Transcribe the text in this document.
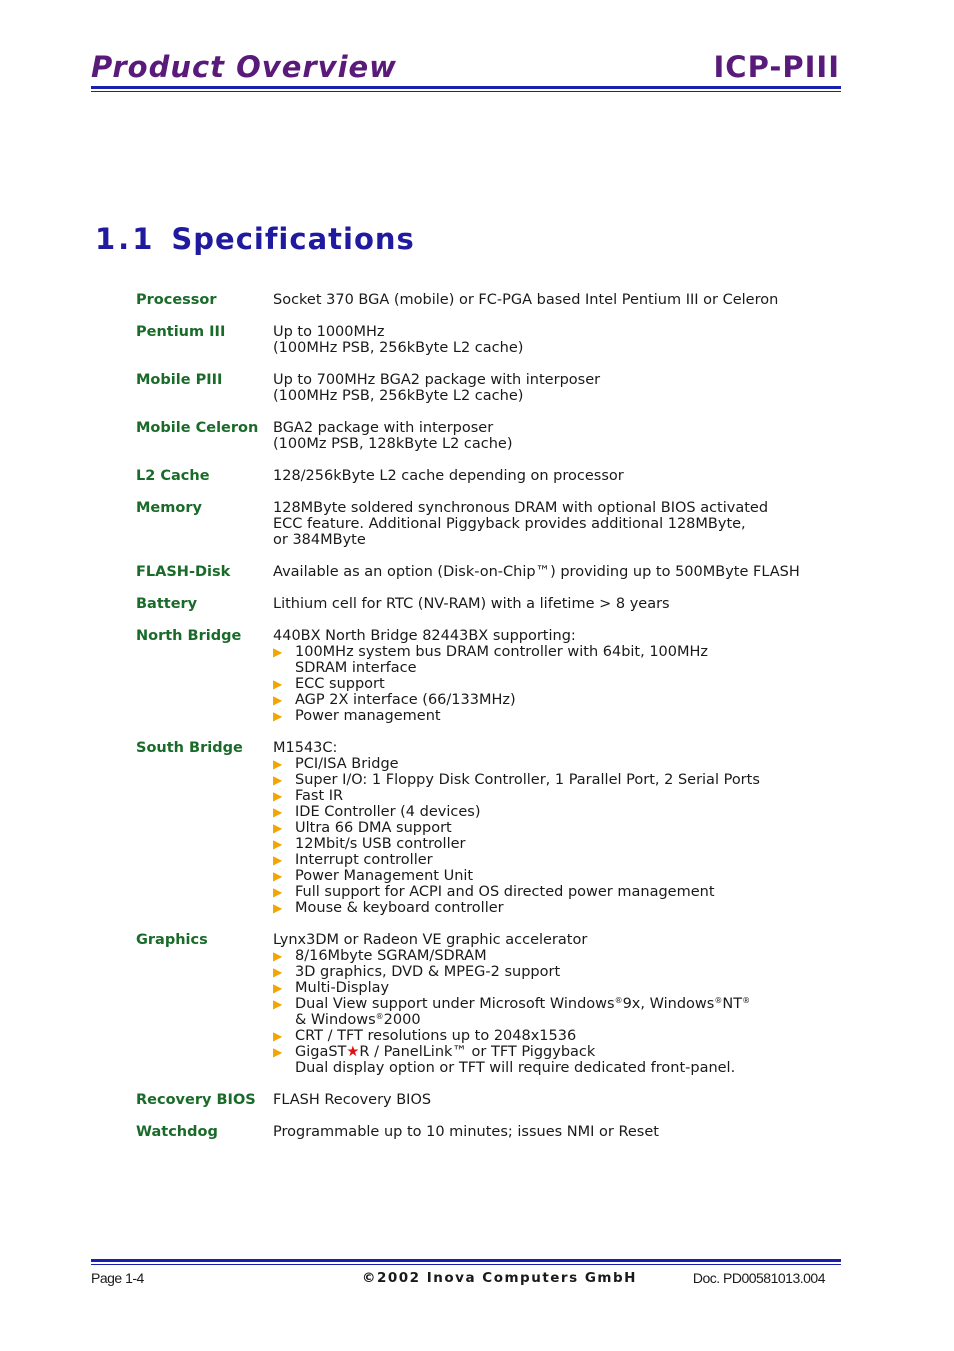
Product Overview	ICP-PIII
1.1 Specifications
Processor	Socket 370 BGA (mobile) or FC-PGA based Intel Pentium III or Celeron
Pentium III	Up to 1000MHz
(100MHz PSB, 256kByte L2 cache)
Mobile PIII	Up to 700MHz BGA2 package with interposer
(100MHz PSB, 256kByte L2 cache)
Mobile Celeron	BGA2 package with interposer
(100Mz PSB, 128kByte L2 cache)
L2 Cache	128/256kByte L2 cache depending on processor
Memory	128MByte soldered synchronous DRAM with optional BIOS activated
ECC feature. Additional Piggyback provides additional 128MByte,
or 384MByte
FLASH-Disk	Available as an option (Disk-on-Chip™) providing up to 500MByte FLASH
Battery	Lithium cell for RTC (NV-RAM) with a lifetime > 8 years
North Bridge	440BX North Bridge 82443BX supporting:
▶ 100MHz system bus DRAM controller with 64bit, 100MHz
SDRAM interface
▶ ECC support
▶ AGP 2X interface (66/133MHz)
▶ Power management
South Bridge	M1543C:
▶ PCI/ISA Bridge
▶ Super I/O: 1 Floppy Disk Controller, 1 Parallel Port, 2 Serial Ports
▶ Fast IR
▶ IDE Controller (4 devices)
▶ Ultra 66 DMA support
▶ 12Mbit/s USB controller
▶ Interrupt controller
▶ Power Management Unit
▶ Full support for ACPI and OS directed power management
▶ Mouse & keyboard controller
Graphics	Lynx3DM or Radeon VE graphic accelerator
▶ 8/16Mbyte SGRAM/SDRAM
▶ 3D graphics, DVD & MPEG-2 support
▶ Multi-Display
▶ Dual View support under Microsoft Windows®9x, Windows®NT®
& Windows®2000
▶ CRT / TFT resolutions up to 2048x1536
▶ GigaST★R / PanelLink™ or TFT Piggyback
Dual display option or TFT will require dedicated front-panel.
Recovery BIOS	FLASH Recovery BIOS
Watchdog	Programmable up to 10 minutes; issues NMI or Reset
Page 1-4	©2002 Inova Computers GmbH	Doc. PD00581013.004
